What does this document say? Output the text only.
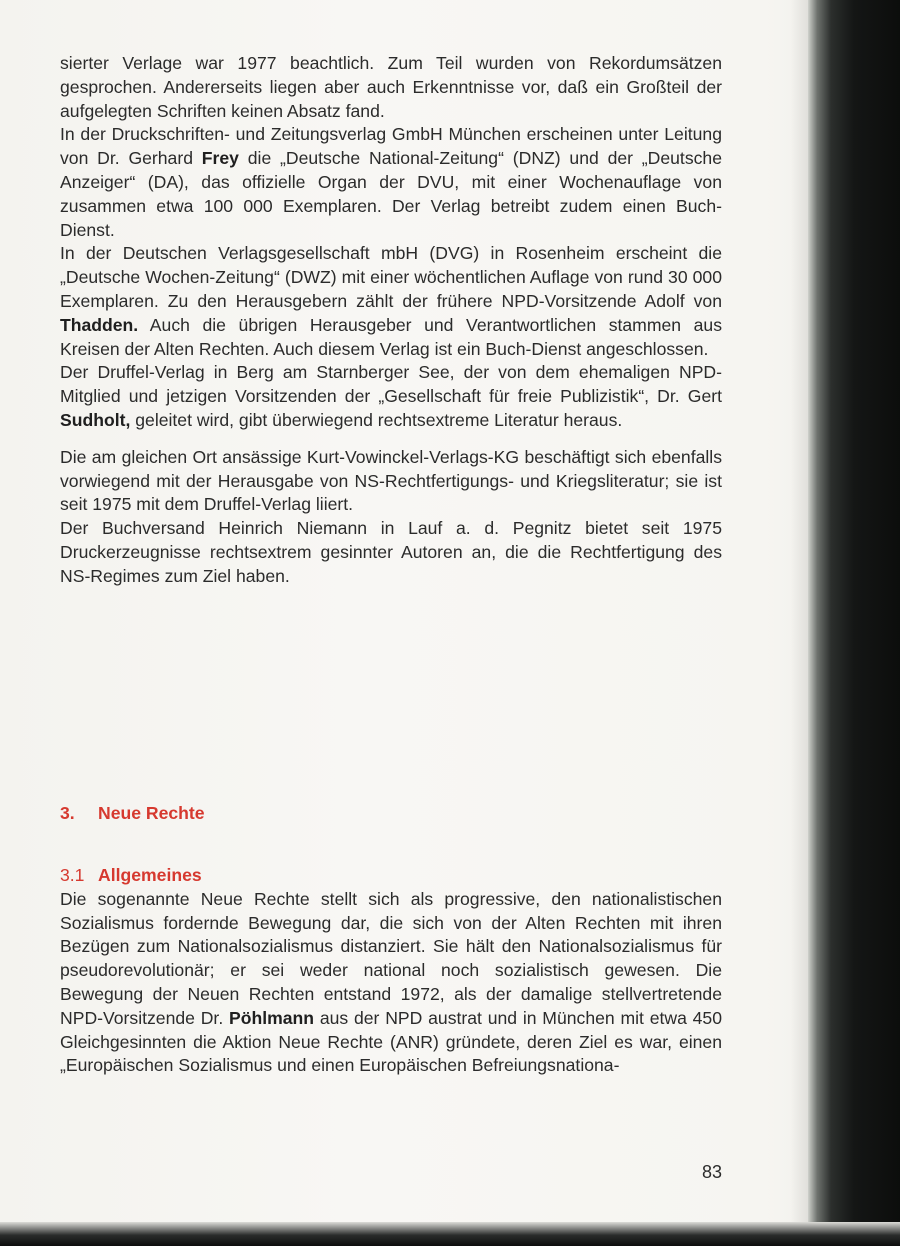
sierter Verlage war 1977 beachtlich. Zum Teil wurden von Rekordumsätzen gesprochen. Andererseits liegen aber auch Erkenntnisse vor, daß ein Großteil der aufgelegten Schriften keinen Absatz fand.

In der Druckschriften- und Zeitungsverlag GmbH München erscheinen unter Leitung von Dr. Gerhard Frey die „Deutsche National-Zeitung“ (DNZ) und der „Deutsche Anzeiger“ (DA), das offizielle Organ der DVU, mit einer Wochenauflage von zusammen etwa 100 000 Exemplaren. Der Verlag betreibt zudem einen Buch-Dienst.

In der Deutschen Verlagsgesellschaft mbH (DVG) in Rosenheim erscheint die „Deutsche Wochen-Zeitung“ (DWZ) mit einer wöchentlichen Auflage von rund 30 000 Exemplaren. Zu den Herausgebern zählt der frühere NPD-Vorsitzende Adolf von Thadden. Auch die übrigen Herausgeber und Verantwortlichen stammen aus Kreisen der Alten Rechten. Auch diesem Verlag ist ein Buch-Dienst angeschlossen.

Der Druffel-Verlag in Berg am Starnberger See, der von dem ehemaligen NPD-Mitglied und jetzigen Vorsitzenden der „Gesellschaft für freie Publizistik“, Dr. Gert Sudholt, geleitet wird, gibt überwiegend rechtsextreme Literatur heraus.

Die am gleichen Ort ansässige Kurt-Vowinckel-Verlags-KG beschäftigt sich ebenfalls vorwiegend mit der Herausgabe von NS-Rechtfertigungs- und Kriegsliteratur; sie ist seit 1975 mit dem Druffel-Verlag liiert.

Der Buchversand Heinrich Niemann in Lauf a. d. Pegnitz bietet seit 1975 Druckerzeugnisse rechtsextrem gesinnter Autoren an, die die Rechtfertigung des NS-Regimes zum Ziel haben.

3. Neue Rechte
3.1 Allgemeines

Die sogenannte Neue Rechte stellt sich als progressive, den nationalistischen Sozialismus fordernde Bewegung dar, die sich von der Alten Rechten mit ihren Bezügen zum Nationalsozialismus distanziert. Sie hält den Nationalsozialismus für pseudorevolutionär; er sei weder national noch sozialistisch gewesen. Die Bewegung der Neuen Rechten entstand 1972, als der damalige stellvertretende NPD-Vorsitzende Dr. Pöhlmann aus der NPD austrat und in München mit etwa 450 Gleichgesinnten die Aktion Neue Rechte (ANR) gründete, deren Ziel es war, einen „Europäischen Sozialismus und einen Europäischen Befreiungsnationa-

83
